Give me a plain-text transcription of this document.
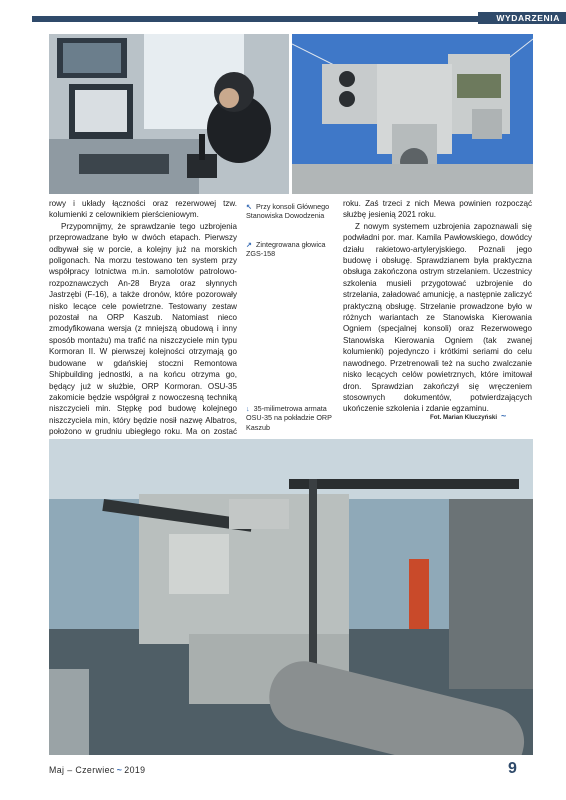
WYDARZENIA

rowy i układy łączności oraz rezerwowej tzw. kolumienki z celownikiem pierścieniowym.

Przypomnijmy, że sprawdzanie tego uzbrojenia przeprowadzane było w dwóch etapach. Pierwszy odbywał się w porcie, a kolejny już na morskich poligonach. Na morzu testowano ten system przy współpracy lotnictwa m.in. samolotów patrolowo-rozpoznawczych An-28 Bryza oraz słynnych Jastrzębi (F-16), a także dronów, które pozorowały nisko lecące cele powietrzne. Testowany zestaw pozostał na ORP Kaszub. Natomiast nieco zmodyfikowana wersja (z mniejszą obudową i inny sposób montażu) ma trafić na niszczyciele min typu Kormoran II. W pierwszej kolejności otrzymają go budowane w gdańskiej stoczni Remontowa Shipbuilding jednostki, a na końcu otrzyma go, będący już w służbie, ORP Kormoran. OSU-35 zakomicie będzie współgrał z nowoczesną techniką niszczycieli min. Stępkę pod budowę kolejnego niszczyciela min, który będzie nosił nazwę Albatros, położono w grudniu ubiegłego roku. Ma on zostać

↖ Przy konsoli Głównego Stanowiska Dowodzenia
↗ Zintegrowana głowica ZGS-158
↓ 35-milimetrowa armata OSU-35 na pokładzie ORP Kaszub

roku. Zaś trzeci z nich Mewa powinien rozpocząć służbę jesienią 2021 roku.

Z nowym systemem uzbrojenia zapoznawali się podwładni por. mar. Kamila Pawłowskiego, dowódcy działu rakietowo-artyleryjskiego. Poznali jego budowę i obsługę. Sprawdzianem była praktyczna obsługa zakończona ostrym strzelaniem. Uczestnicy szkolenia musieli przygotować uzbrojenie do strzelania, załadować amunicję, a następnie zaliczyć praktyczną obsługę. Strzelanie prowadzone było w różnych wariantach ze Stanowiska Kierowania Ogniem (specjalnej konsoli) oraz Rezerwowego Stanowiska Kierowania Ogniem (tak zwanej kolumienki) pojedynczo i krótkimi seriami do celu nawodnego. Przetrenowali też na sucho zwalczanie nisko lecących celów powietrznych, które imitował dron. Sprawdzian zakończył się wręczeniem stosownych dokumentów, potwierdzających ukończenie szkolenia i zdanie egzaminu.

Fot. Marian Kluczyński ~
Maj – Czerwiec ~ 2019	9
